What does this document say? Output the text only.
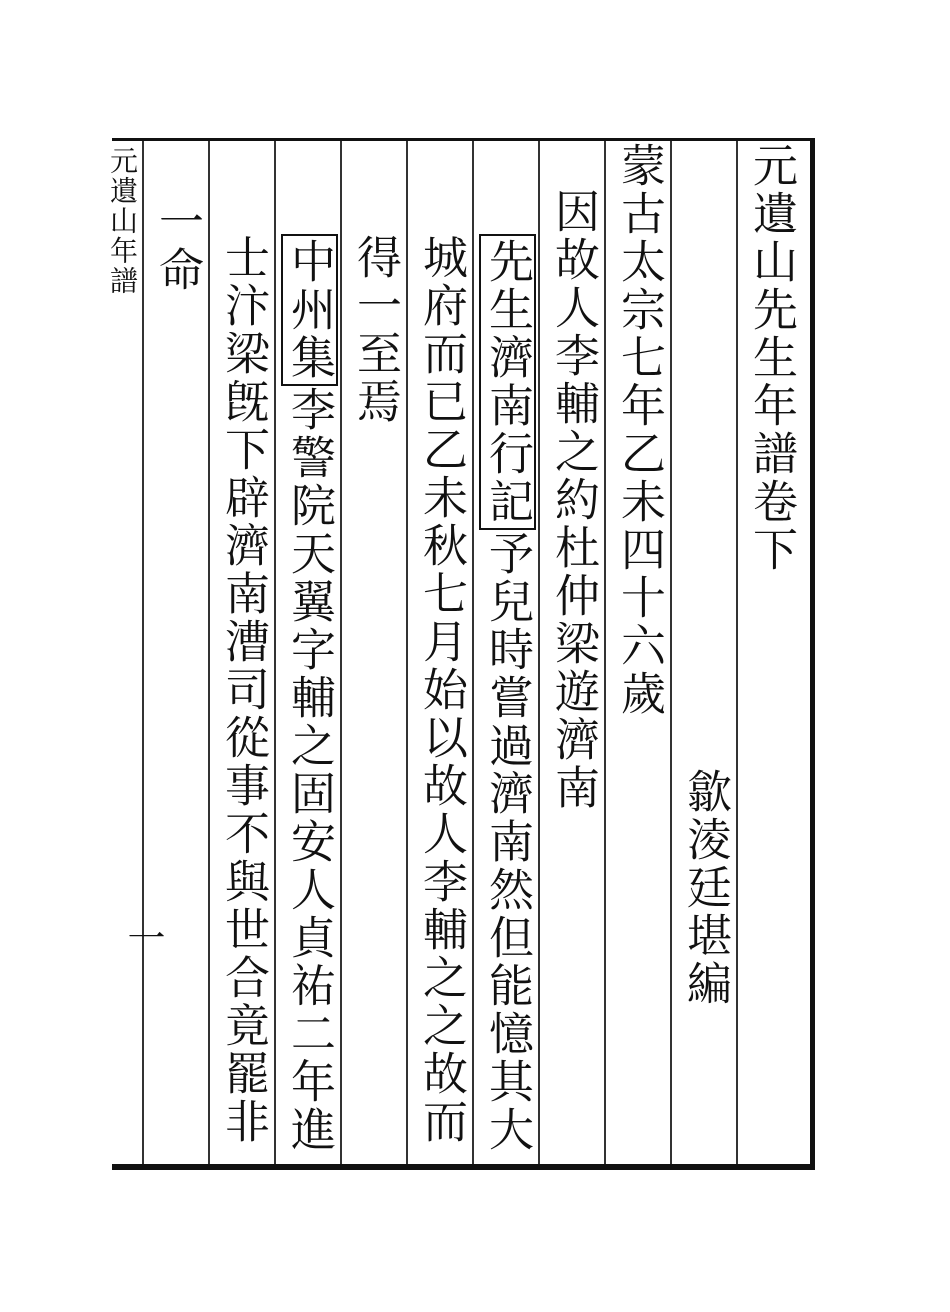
元遺山年譜
一
一命 士汴梁旣下辟濟南漕司從事不與世合竟罷非 中州集李警院天翼字輔之固安人貞祐二年進
得一至焉 城府而已乙未秋七月始以故人李輔之之故而 先生濟南行記予兒時嘗過濟南然但能憶其大
因故人李輔之約杜仲梁遊濟南 蒙古太宗七年乙未四十六歲
歙淩廷堪編
元遺山先生年譜卷下
